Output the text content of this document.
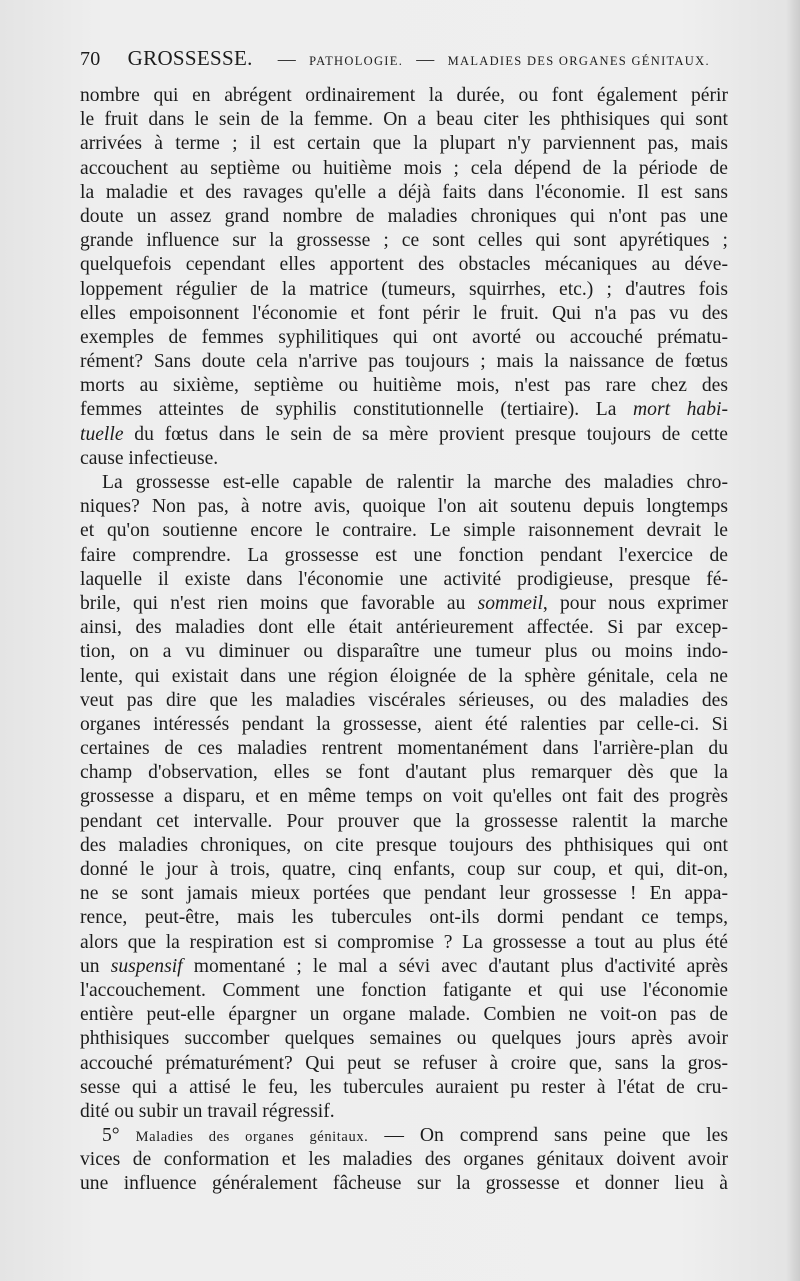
70 GROSSESSE. — PATHOLOGIE. — MALADIES DES ORGANES GÉNITAUX.
nombre qui en abrégent ordinairement la durée, ou font également périr
le fruit dans le sein de la femme. On a beau citer les phthisiques qui sont
arrivées à terme ; il est certain que la plupart n'y parviennent pas, mais
accouchent au septième ou huitième mois ; cela dépend de la période de
la maladie et des ravages qu'elle a déjà faits dans l'économie. Il est sans
doute un assez grand nombre de maladies chroniques qui n'ont pas une
grande influence sur la grossesse ; ce sont celles qui sont apyrétiques ;
quelquefois cependant elles apportent des obstacles mécaniques au déve-
loppement régulier de la matrice (tumeurs, squirrhes, etc.) ; d'autres fois
elles empoisonnent l'économie et font périr le fruit. Qui n'a pas vu des
exemples de femmes syphilitiques qui ont avorté ou accouché prématu-
rément? Sans doute cela n'arrive pas toujours ; mais la naissance de fœtus
morts au sixième, septième ou huitième mois, n'est pas rare chez des
femmes atteintes de syphilis constitutionnelle (tertiaire). La mort habi-
tuelle du fœtus dans le sein de sa mère provient presque toujours de cette
cause infectieuse.
La grossesse est-elle capable de ralentir la marche des maladies chro-
niques? Non pas, à notre avis, quoique l'on ait soutenu depuis longtemps
et qu'on soutienne encore le contraire. Le simple raisonnement devrait le
faire comprendre. La grossesse est une fonction pendant l'exercice de
laquelle il existe dans l'économie une activité prodigieuse, presque fé-
brile, qui n'est rien moins que favorable au sommeil, pour nous exprimer
ainsi, des maladies dont elle était antérieurement affectée. Si par excep-
tion, on a vu diminuer ou disparaître une tumeur plus ou moins indo-
lente, qui existait dans une région éloignée de la sphère génitale, cela ne
veut pas dire que les maladies viscérales sérieuses, ou des maladies des
organes intéressés pendant la grossesse, aient été ralenties par celle-ci. Si
certaines de ces maladies rentrent momentanément dans l'arrière-plan du
champ d'observation, elles se font d'autant plus remarquer dès que la
grossesse a disparu, et en même temps on voit qu'elles ont fait des progrès
pendant cet intervalle. Pour prouver que la grossesse ralentit la marche
des maladies chroniques, on cite presque toujours des phthisiques qui ont
donné le jour à trois, quatre, cinq enfants, coup sur coup, et qui, dit-on,
ne se sont jamais mieux portées que pendant leur grossesse ! En appa-
rence, peut-être, mais les tubercules ont-ils dormi pendant ce temps,
alors que la respiration est si compromise ? La grossesse a tout au plus été
un suspensif momentané ; le mal a sévi avec d'autant plus d'activité après
l'accouchement. Comment une fonction fatigante et qui use l'économie
entière peut-elle épargner un organe malade. Combien ne voit-on pas de
phthisiques succomber quelques semaines ou quelques jours après avoir
accouché prématurément? Qui peut se refuser à croire que, sans la gros-
sesse qui a attisé le feu, les tubercules auraient pu rester à l'état de cru-
dité ou subir un travail régressif.
5° Maladies des organes génitaux. — On comprend sans peine que les
vices de conformation et les maladies des organes génitaux doivent avoir
une influence généralement fâcheuse sur la grossesse et donner lieu à
